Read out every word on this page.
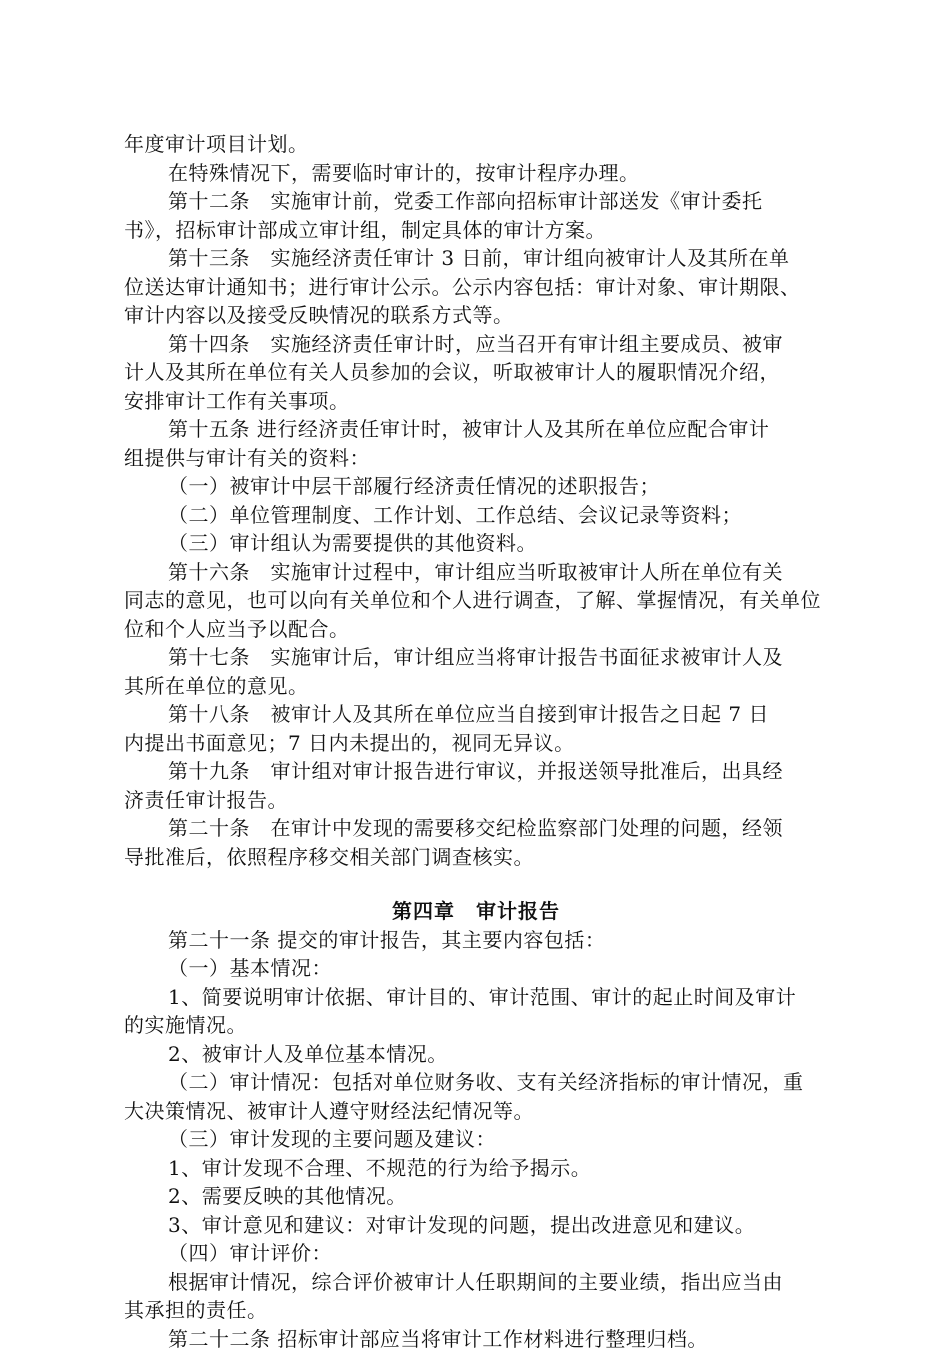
年度审计项目计划。
在特殊情况下，需要临时审计的，按审计程序办理。
第十二条　实施审计前，党委工作部向招标审计部送发《审计委托
书》，招标审计部成立审计组，制定具体的审计方案。
第十三条　实施经济责任审计 3 日前，审计组向被审计人及其所在单
位送达审计通知书；进行审计公示。公示内容包括：审计对象、审计期限、
审计内容以及接受反映情况的联系方式等。
第十四条　实施经济责任审计时，应当召开有审计组主要成员、被审
计人及其所在单位有关人员参加的会议，听取被审计人的履职情况介绍，
安排审计工作有关事项。
第十五条 进行经济责任审计时，被审计人及其所在单位应配合审计
组提供与审计有关的资料：
（一）被审计中层干部履行经济责任情况的述职报告；
（二）单位管理制度、工作计划、工作总结、会议记录等资料；
（三）审计组认为需要提供的其他资料。
第十六条　实施审计过程中，审计组应当听取被审计人所在单位有关
同志的意见，也可以向有关单位和个人进行调查，了解、掌握情况，有关单位
位和个人应当予以配合。
第十七条　实施审计后，审计组应当将审计报告书面征求被审计人及
其所在单位的意见。
第十八条　被审计人及其所在单位应当自接到审计报告之日起 7 日
内提出书面意见；7 日内未提出的，视同无异议。
第十九条　审计组对审计报告进行审议，并报送领导批准后，出具经
济责任审计报告。
第二十条　在审计中发现的需要移交纪检监察部门处理的问题，经领
导批准后，依照程序移交相关部门调查核实。
第四章　审计报告
第二十一条 提交的审计报告，其主要内容包括：
（一）基本情况：
1、简要说明审计依据、审计目的、审计范围、审计的起止时间及审计
的实施情况。
2、被审计人及单位基本情况。
（二）审计情况：包括对单位财务收、支有关经济指标的审计情况，重
大决策情况、被审计人遵守财经法纪情况等。
（三）审计发现的主要问题及建议：
1、审计发现不合理、不规范的行为给予揭示。
2、需要反映的其他情况。
3、审计意见和建议：对审计发现的问题，提出改进意见和建议。
（四）审计评价：
根据审计情况，综合评价被审计人任职期间的主要业绩，指出应当由
其承担的责任。
第二十二条 招标审计部应当将审计工作材料进行整理归档。
